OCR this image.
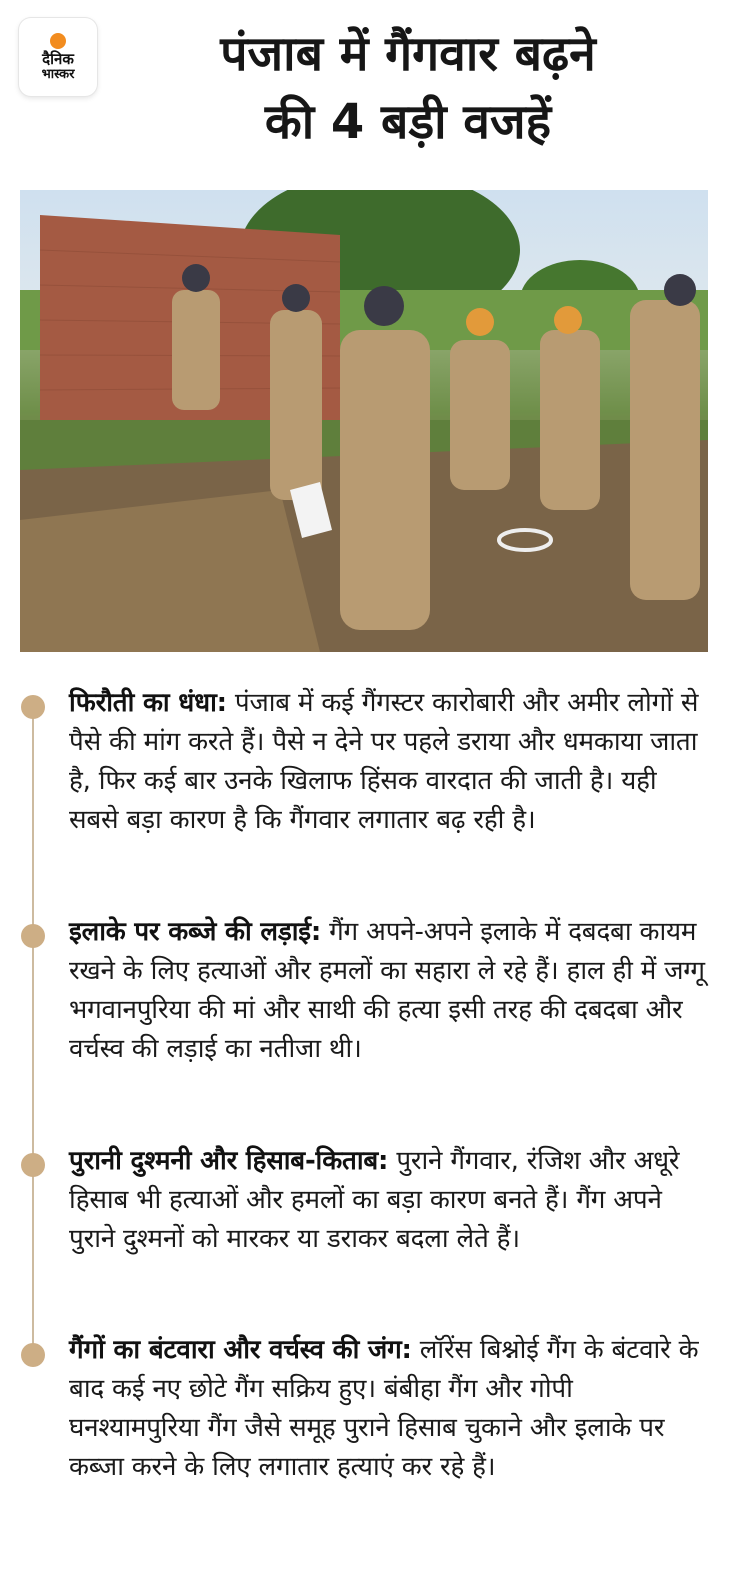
दैनिक
भास्कर	पंजाब में गैंगवार बढ़ने
की 4 बड़ी वजहें
फिरौती का धंधा: पंजाब में कई गैंगस्टर कारोबारी और अमीर लोगों से पैसे की मांग करते हैं। पैसे न देने पर पहले डराया और धमकाया जाता है, फिर कई बार उनके खिलाफ हिंसक वारदात की जाती है। यही सबसे बड़ा कारण है कि गैंगवार लगातार बढ़ रही है।
इलाके पर कब्जे की लड़ाई: गैंग अपने-अपने इलाके में दबदबा कायम रखने के लिए हत्याओं और हमलों का सहारा ले रहे हैं। हाल ही में जग्गू भगवानपुरिया की मां और साथी की हत्या इसी तरह की दबदबा और वर्चस्व की लड़ाई का नतीजा थी।
पुरानी दुश्मनी और हिसाब-किताब: पुराने गैंगवार, रंजिश और अधूरे हिसाब भी हत्याओं और हमलों का बड़ा कारण बनते हैं। गैंग अपने पुराने दुश्मनों को मारकर या डराकर बदला लेते हैं।
गैंगों का बंटवारा और वर्चस्व की जंग: लॉरेंस बिश्नोई गैंग के बंटवारे के बाद कई नए छोटे गैंग सक्रिय हुए। बंबीहा गैंग और गोपी घनश्यामपुरिया गैंग जैसे समूह पुराने हिसाब चुकाने और इलाके पर कब्जा करने के लिए लगातार हत्याएं कर रहे हैं।
